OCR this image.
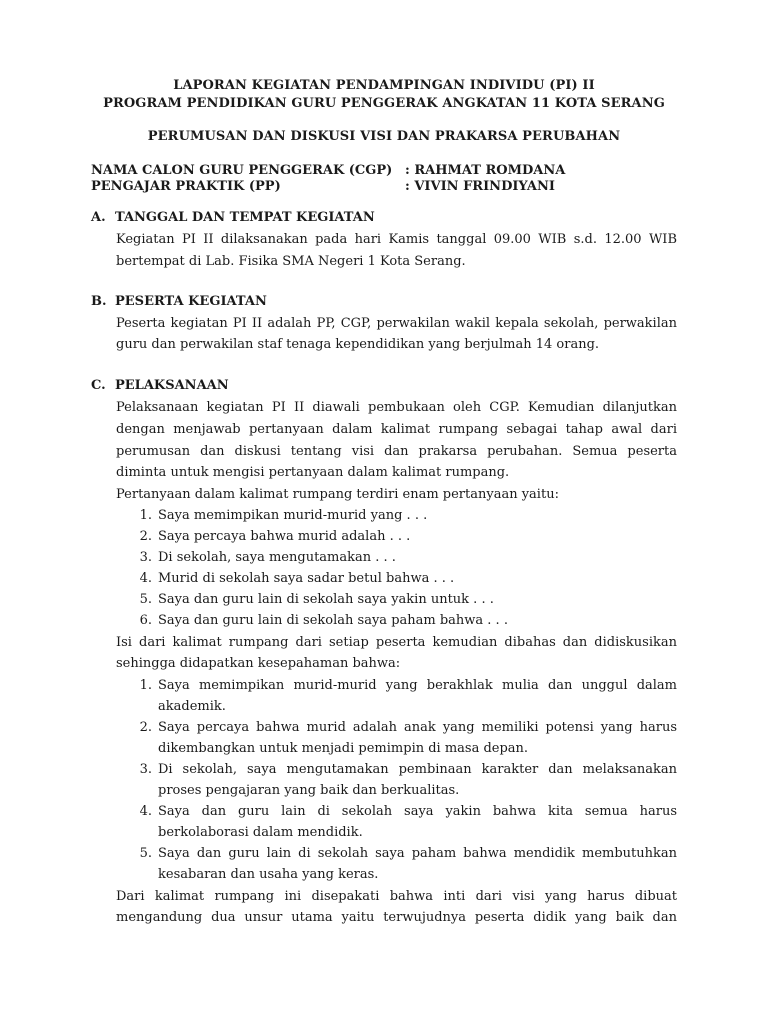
LAPORAN KEGIATAN PENDAMPINGAN INDIVIDU (PI) II
PROGRAM PENDIDIKAN GURU PENGGERAK ANGKATAN 11 KOTA SERANG
PERUMUSAN DAN DISKUSI VISI DAN PRAKARSA PERUBAHAN
NAMA CALON GURU PENGGERAK (CGP) : RAHMAT ROMDANA
PENGAJAR PRAKTIK (PP)	: VIVIN FRINDIYANI
A. TANGGAL DAN TEMPAT KEGIATAN
Kegiatan PI II dilaksanakan pada hari Kamis tanggal 09.00 WIB s.d. 12.00 WIB
bertempat di Lab. Fisika SMA Negeri 1 Kota Serang.
B. PESERTA KEGIATAN
Peserta kegiatan PI II adalah PP, CGP, perwakilan wakil kepala sekolah, perwakilan
guru dan perwakilan staf tenaga kependidikan yang berjulmah 14 orang.
C. PELAKSANAAN
Pelaksanaan kegiatan PI II diawali pembukaan oleh CGP. Kemudian dilanjutkan
dengan menjawab pertanyaan dalam kalimat rumpang sebagai tahap awal dari
perumusan dan diskusi tentang visi dan prakarsa perubahan. Semua peserta
diminta untuk mengisi pertanyaan dalam kalimat rumpang.
Pertanyaan dalam kalimat rumpang terdiri enam pertanyaan yaitu:
1. Saya memimpikan murid-murid yang . . .
2. Saya percaya bahwa murid adalah . . .
3. Di sekolah, saya mengutamakan . . .
4. Murid di sekolah saya sadar betul bahwa . . .
5. Saya dan guru lain di sekolah saya yakin untuk . . .
6. Saya dan guru lain di sekolah saya paham bahwa . . .
Isi dari kalimat rumpang dari setiap peserta kemudian dibahas dan didiskusikan
sehingga didapatkan kesepahaman bahwa:
1. Saya memimpikan murid-murid yang berakhlak mulia dan unggul dalam
akademik.
2. Saya percaya bahwa murid adalah anak yang memiliki potensi yang harus
dikembangkan untuk menjadi pemimpin di masa depan.
3. Di sekolah, saya mengutamakan pembinaan karakter dan melaksanakan
proses pengajaran yang baik dan berkualitas.
4. Saya dan guru lain di sekolah saya yakin bahwa kita semua harus
berkolaborasi dalam mendidik.
5. Saya dan guru lain di sekolah saya paham bahwa mendidik membutuhkan
kesabaran dan usaha yang keras.
Dari kalimat rumpang ini disepakati bahwa inti dari visi yang harus dibuat
mengandung dua unsur utama yaitu terwujudnya peserta didik yang baik dan
